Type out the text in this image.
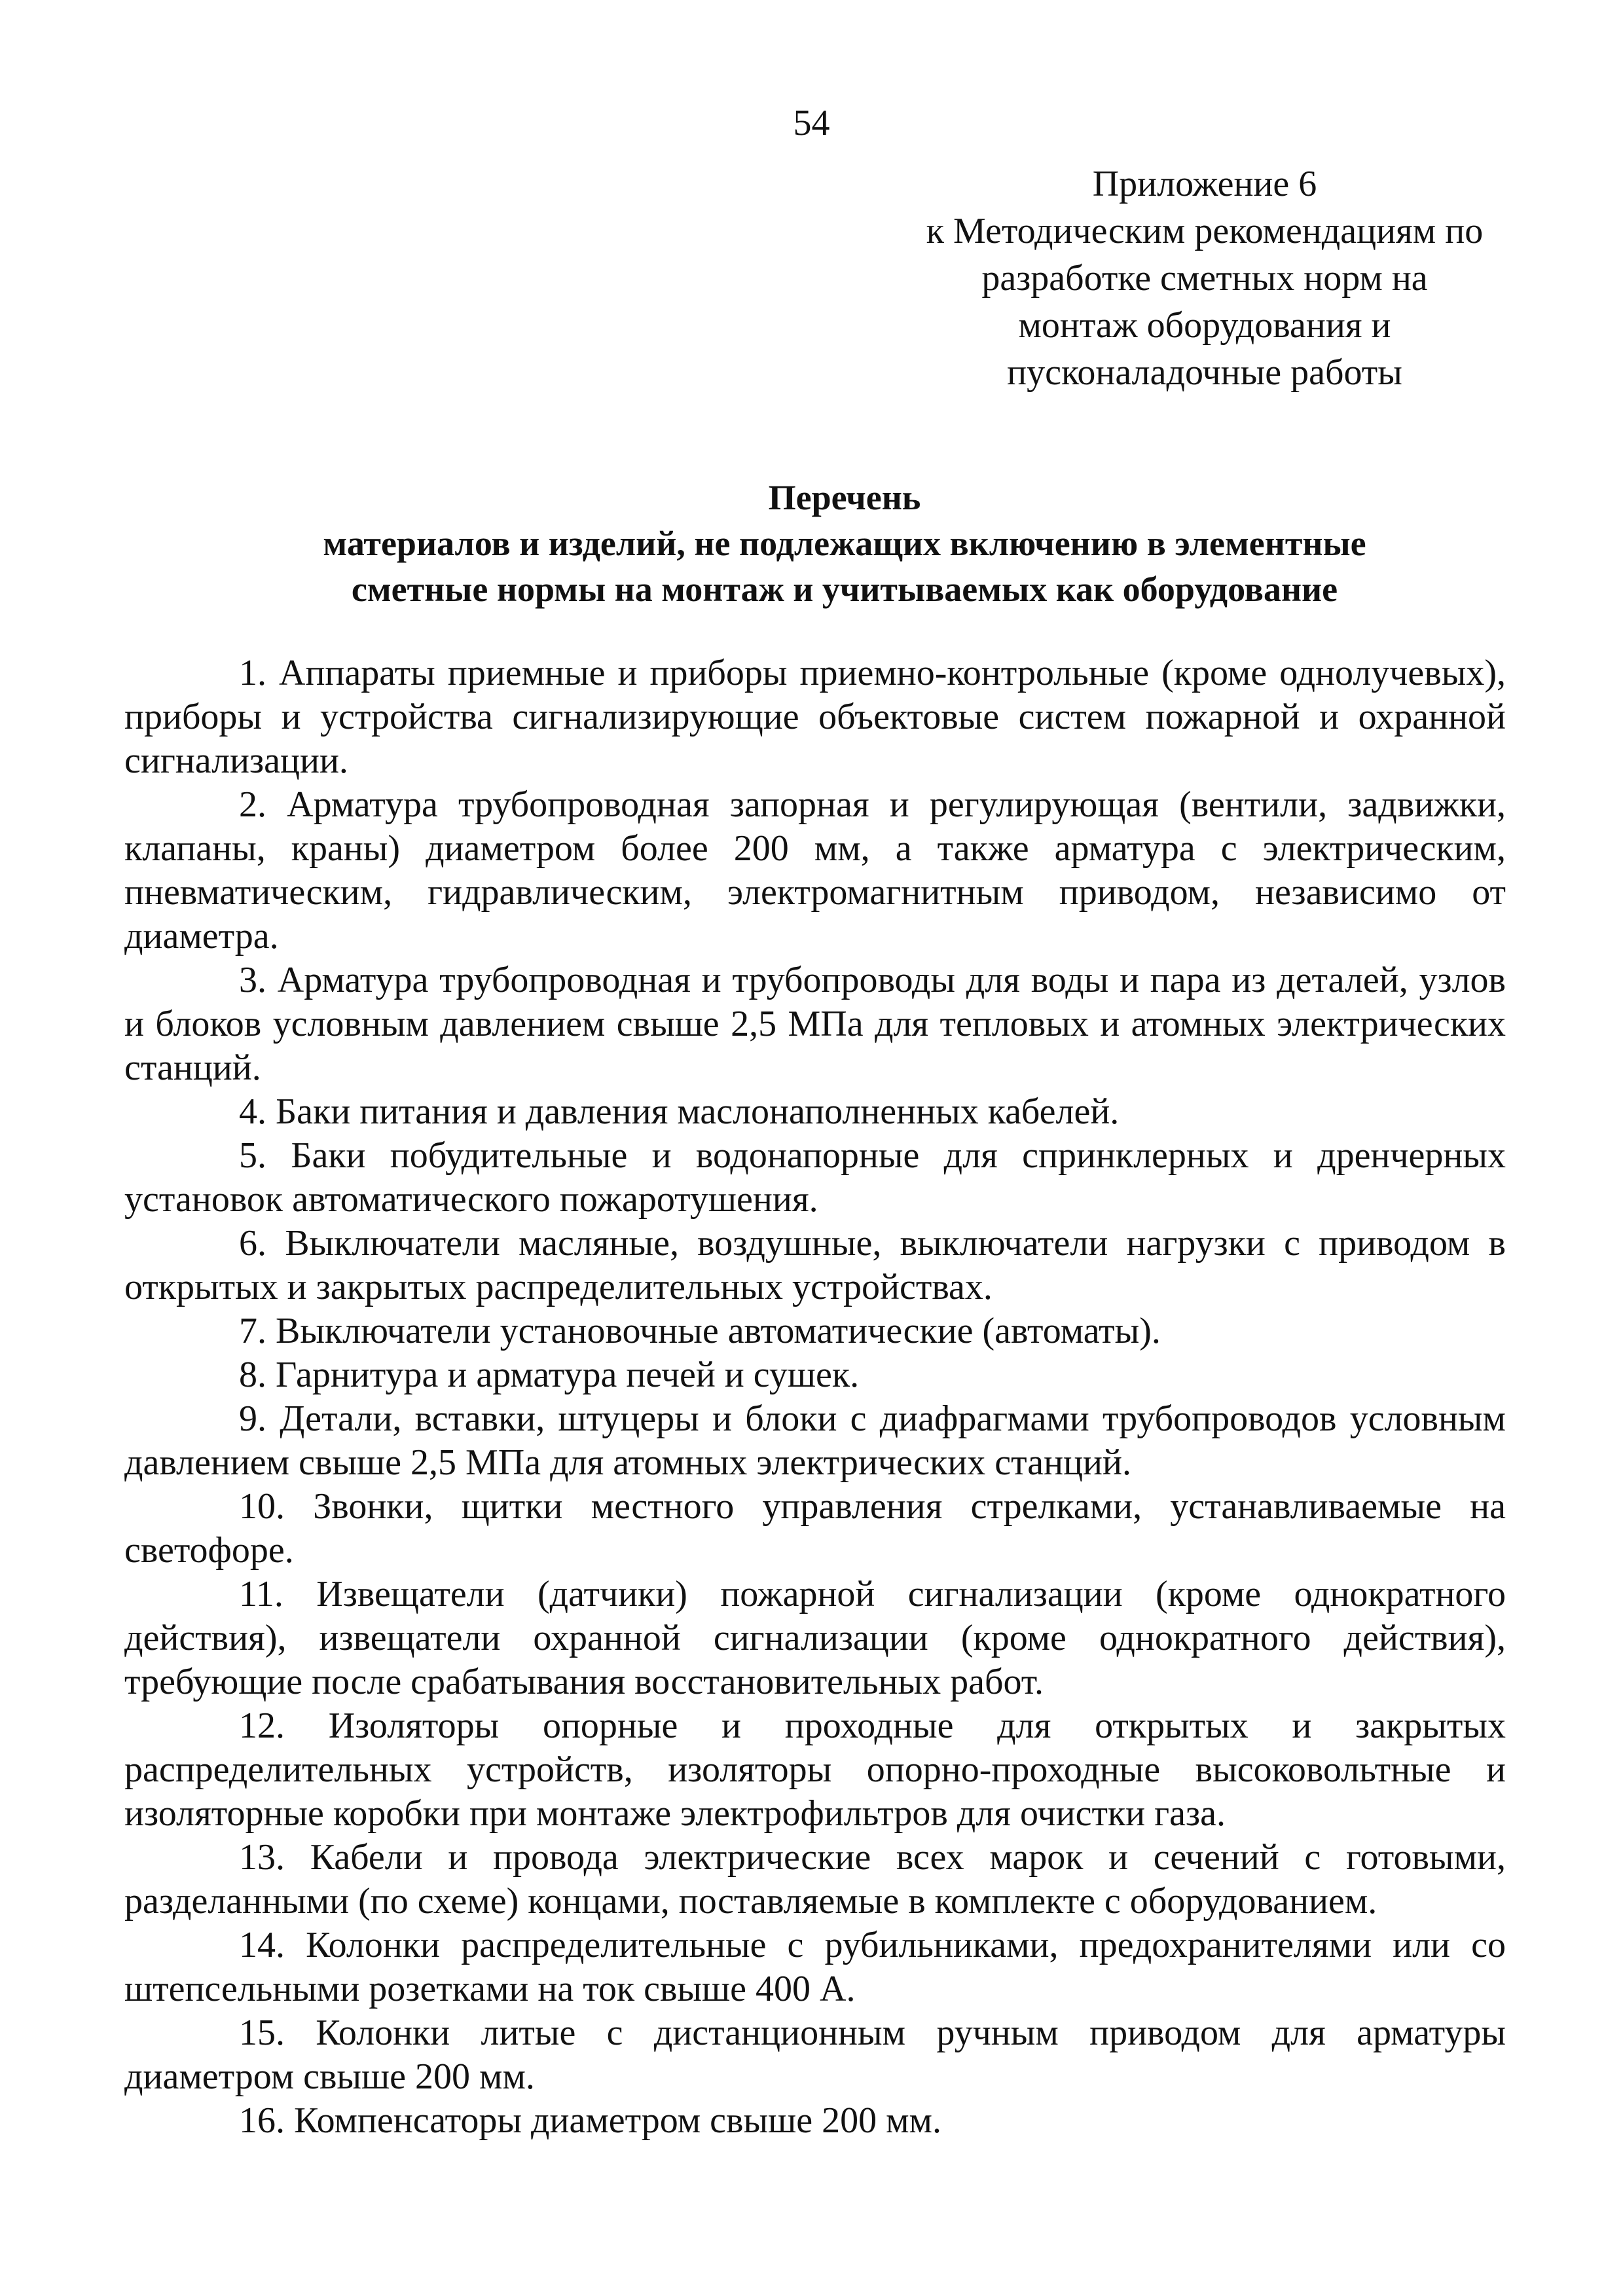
54
Приложение 6
к Методическим рекомендациям по
разработке сметных норм на
монтаж оборудования и
пусконаладочные работы
Перечень
материалов и изделий, не подлежащих включению в элементные
сметные нормы на монтаж и учитываемых как оборудование

1. Аппараты приемные и приборы приемно-контрольные (кроме однолучевых), приборы и устройства сигнализирующие объектовые систем пожарной и охранной сигнализации.

2. Арматура трубопроводная запорная и регулирующая (вентили, задвижки, клапаны, краны) диаметром более 200 мм, а также арматура с электрическим, пневматическим, гидравлическим, электромагнитным приводом, независимо от диаметра.

3. Арматура трубопроводная и трубопроводы для воды и пара из деталей, узлов и блоков условным давлением свыше 2,5 МПа для тепловых и атомных электрических станций.

4. Баки питания и давления маслонаполненных кабелей.

5. Баки побудительные и водонапорные для спринклерных и дренчерных установок автоматического пожаротушения.

6. Выключатели масляные, воздушные, выключатели нагрузки с приводом в открытых и закрытых распределительных устройствах.

7. Выключатели установочные автоматические (автоматы).

8. Гарнитура и арматура печей и сушек.

9. Детали, вставки, штуцеры и блоки с диафрагмами трубопроводов условным давлением свыше 2,5 МПа для атомных электрических станций.

10. Звонки, щитки местного управления стрелками, устанавливаемые на светофоре.

11. Извещатели (датчики) пожарной сигнализации (кроме однократного действия), извещатели охранной сигнализации (кроме однократного действия), требующие после срабатывания восстановительных работ.

12. Изоляторы опорные и проходные для открытых и закрытых распределительных устройств, изоляторы опорно-проходные высоковольтные и изоляторные коробки при монтаже электрофильтров для очистки газа.

13. Кабели и провода электрические всех марок и сечений с готовыми, разделанными (по схеме) концами, поставляемые в комплекте с оборудованием.

14. Колонки распределительные с рубильниками, предохранителями или со штепсельными розетками на ток свыше 400 А.

15. Колонки литые с дистанционным ручным приводом для арматуры диаметром свыше 200 мм.

16. Компенсаторы диаметром свыше 200 мм.
